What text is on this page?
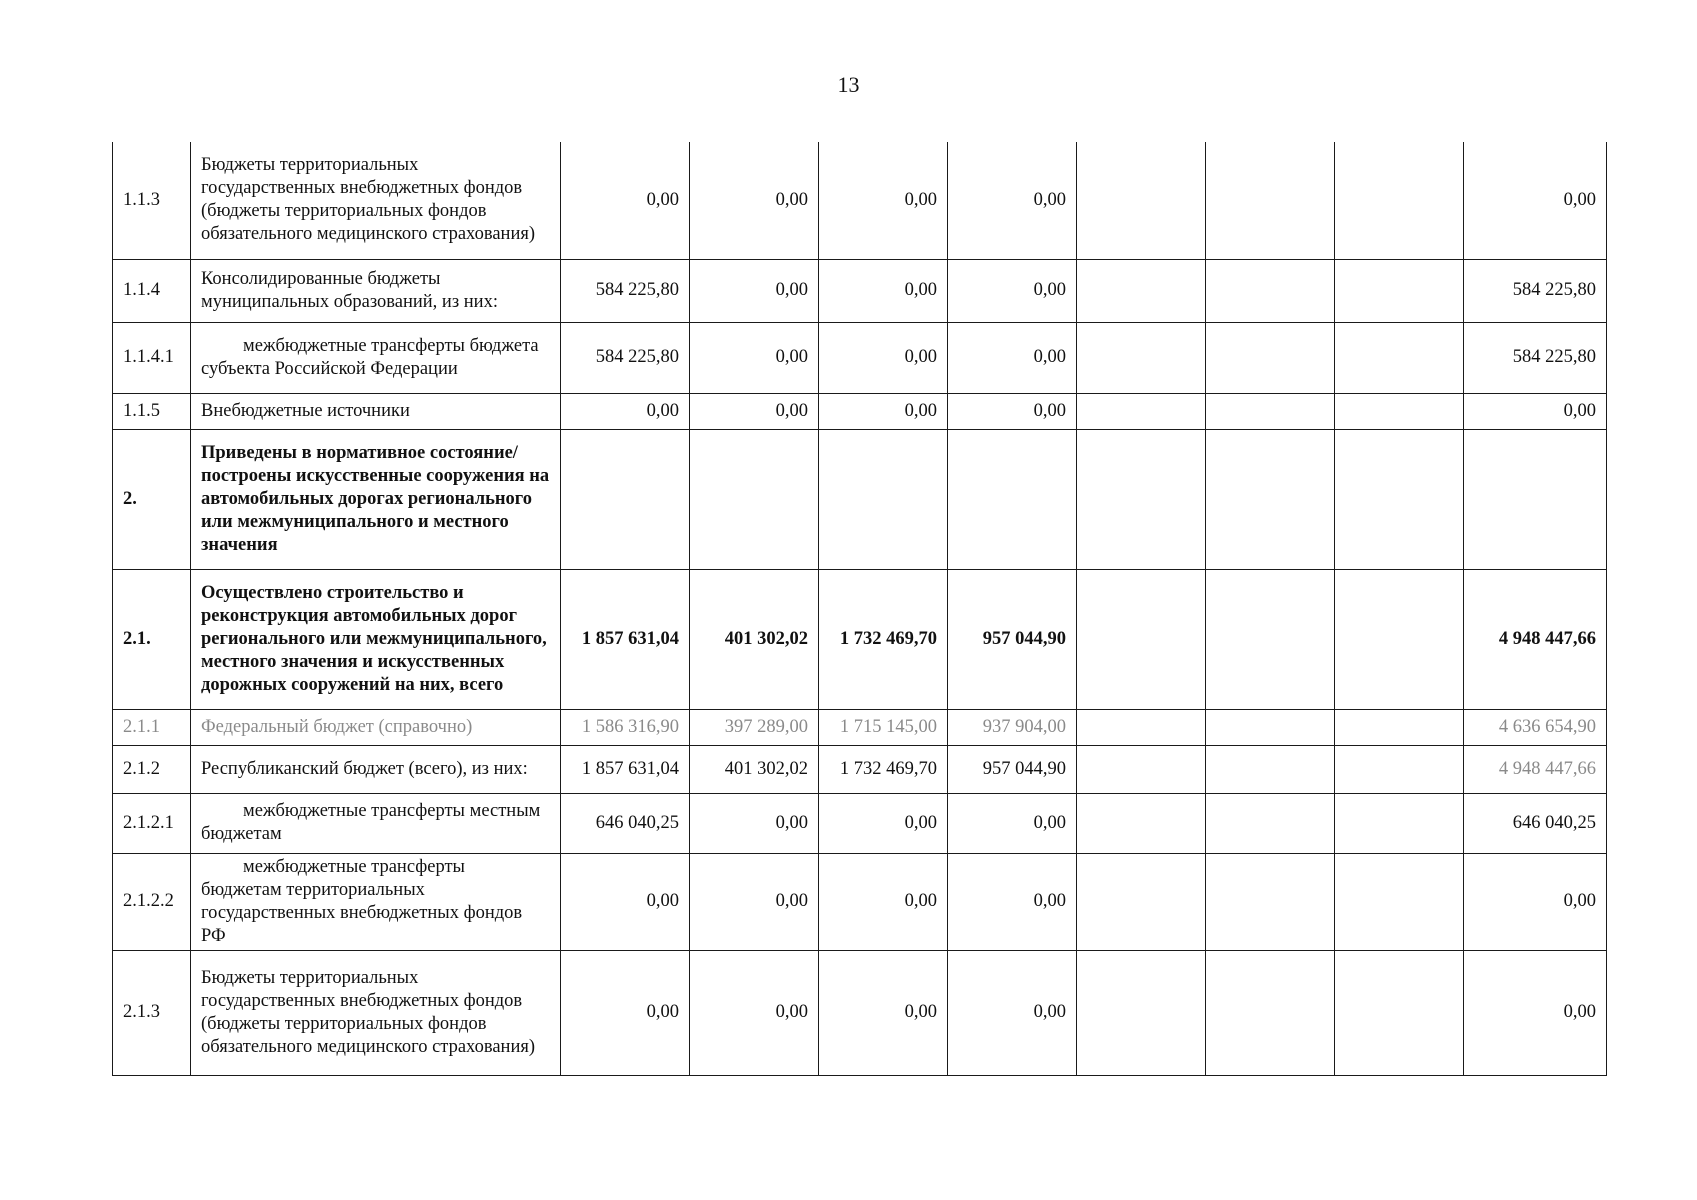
13
1.1.3	Бюджеты территориальных государственных внебюджетных фондов (бюджеты территориальных фондов обязательного медицинского страхования)	0,00	0,00	0,00	0,00				0,00
1.1.4	Консолидированные бюджеты муниципальных образований, из них:	584 225,80	0,00	0,00	0,00				584 225,80
1.1.4.1	межбюджетные трансферты бюджета субъекта Российской Федерации	584 225,80	0,00	0,00	0,00				584 225,80
1.1.5	Внебюджетные источники	0,00	0,00	0,00	0,00				0,00
2.	Приведены в нормативное состояние/построены искусственные сооружения на автомобильных дорогах регионального или межмуниципального и местного значения								
2.1.	Осуществлено строительство и реконструкция автомобильных дорог регионального или межмуниципального, местного значения и искусственных дорожных сооружений на них, всего	1 857 631,04	401 302,02	1 732 469,70	957 044,90				4 948 447,66
2.1.1	Федеральный бюджет (справочно)	1 586 316,90	397 289,00	1 715 145,00	937 904,00				4 636 654,90
2.1.2	Республиканский бюджет (всего), из них:	1 857 631,04	401 302,02	1 732 469,70	957 044,90				4 948 447,66
2.1.2.1	межбюджетные трансферты местным бюджетам	646 040,25	0,00	0,00	0,00				646 040,25
2.1.2.2	межбюджетные трансферты бюджетам территориальных государственных внебюджетных фондов РФ	0,00	0,00	0,00	0,00				0,00
2.1.3	Бюджеты территориальных государственных внебюджетных фондов (бюджеты территориальных фондов обязательного медицинского страхования)	0,00	0,00	0,00	0,00				0,00
